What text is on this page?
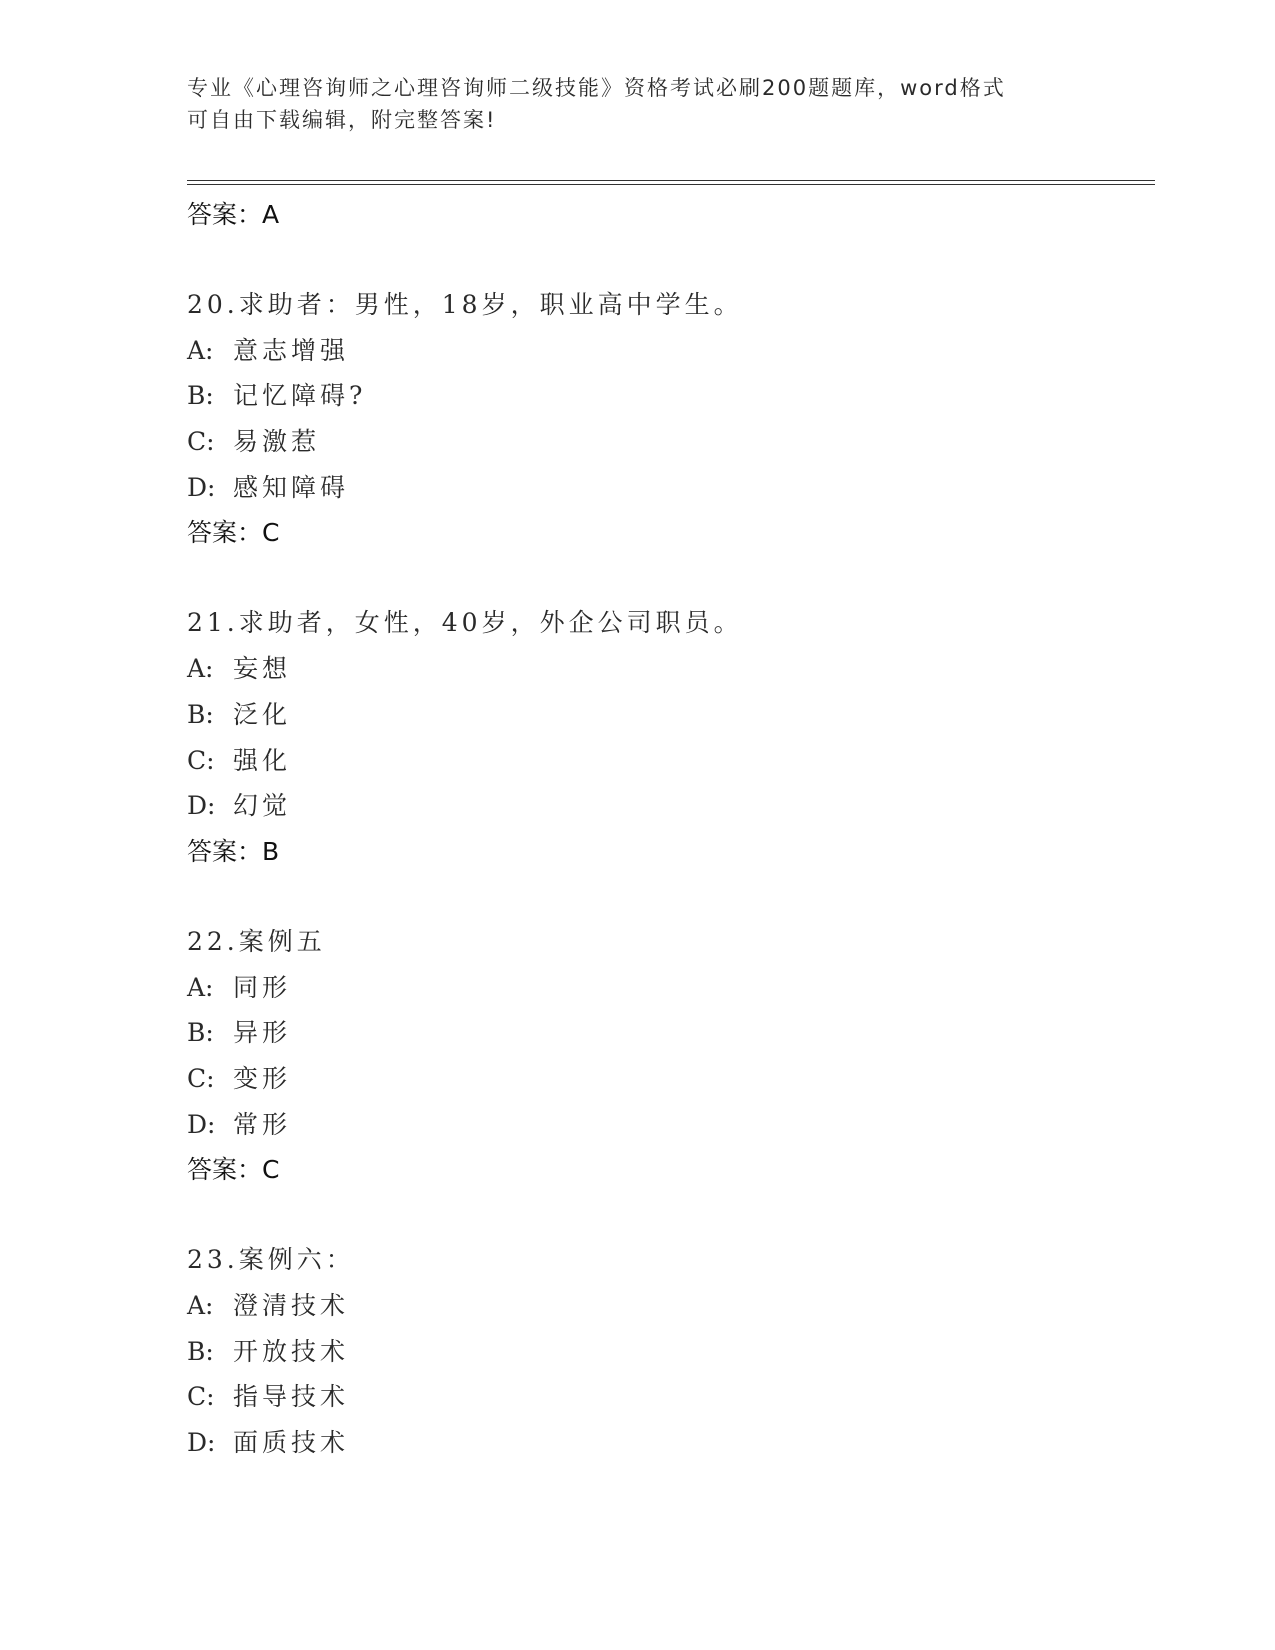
专业《心理咨询师之心理咨询师二级技能》资格考试必刷200题题库，word格式
可自由下载编辑，附完整答案!
答案：A
20.求助者：男性，18岁，职业高中学生。
A: 意志增强
B: 记忆障碍?
C: 易激惹
D: 感知障碍
答案：C
21.求助者，女性，40岁，外企公司职员。
A: 妄想
B: 泛化
C: 强化
D: 幻觉
答案：B
22.案例五
A: 同形
B: 异形
C: 变形
D: 常形
答案：C
23.案例六：
A: 澄清技术
B: 开放技术
C: 指导技术
D: 面质技术
